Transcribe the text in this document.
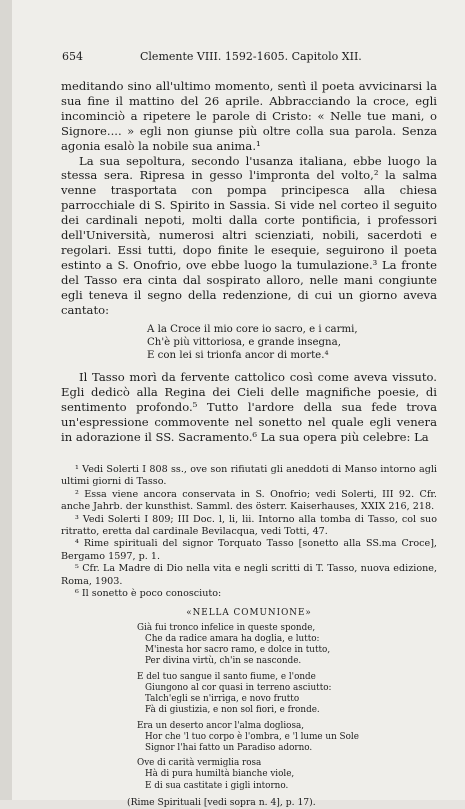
654	Clemente VIII. 1592-1605. Capitolo XII.

meditando sino all'ultimo momento, sentì il poeta avvicinarsi la sua fine il mattino del 26 aprile. Abbracciando la croce, egli incominciò a ripetere le parole di Cristo: « Nelle tue mani, o Signore.... » egli non giunse più oltre colla sua parola. Senza agonia esalò la nobile sua anima.¹

La sua sepoltura, secondo l'usanza italiana, ebbe luogo la stessa sera. Ripresa in gesso l'impronta del volto,² la salma venne trasportata con pompa principesca alla chiesa parrocchiale di S. Spirito in Sassia. Si vide nel corteo il seguito dei cardinali nepoti, molti dalla corte pontificia, i professori dell'Università, numerosi altri scienziati, nobili, sacerdoti e regolari. Essi tutti, dopo finite le esequie, seguirono il poeta estinto a S. Onofrio, ove ebbe luogo la tumulazione.³ La fronte del Tasso era cinta dal sospirato alloro, nelle mani congiunte egli teneva il segno della redenzione, di cui un giorno aveva cantato:

A la Croce il mio core io sacro, e i carmi,
Ch'è più vittoriosa, e grande insegna,
E con lei si trionfa ancor di morte.⁴

Il Tasso morì da fervente cattolico così come aveva vissuto. Egli dedicò alla Regina dei Cieli delle magnifiche poesie, di sentimento profondo.⁵ Tutto l'ardore della sua fede trova un'espressione commovente nel sonetto nel quale egli venera in adorazione il SS. Sacramento.⁶ La sua opera più celebre: La

¹ Vedi Solerti I 808 ss., ove son rifiutati gli aneddoti di Manso intorno agli ultimi giorni di Tasso.

² Essa viene ancora conservata in S. Onofrio; vedi Solerti, III 92. Cfr. anche Jahrb. der kunsthist. Samml. des österr. Kaiserhauses, XXIX 216, 218.

³ Vedi Solerti I 809; III Doc. l, li, lii. Intorno alla tomba di Tasso, col suo ritratto, eretta dal cardinale Bevilacqua, vedi Totti, 47.

⁴ Rime spirituali del signor Torquato Tasso [sonetto alla SS.ma Croce], Bergamo 1597, p. 1.

⁵ Cfr. La Madre di Dio nella vita e negli scritti di T. Tasso, nuova edizione, Roma, 1903.

⁶ Il sonetto è poco conosciuto:

«NELLA COMUNIONE»
Già fui tronco infelice in queste sponde,
Che da radice amara ha doglia, e lutto:
M'inesta hor sacro ramo, e dolce in tutto,
Per divina virtù, ch'in se nasconde.
E del tuo sangue il santo fiume, e l'onde
Giungono al cor quasi in terreno asciutto:
Talch'egli se n'irriga, e novo frutto
Fà di giustizia, e non sol fiori, e fronde.
Era un deserto ancor l'alma dogliosa,
Hor che 'l tuo corpo è l'ombra, e 'l lume un Sole
Signor l'hai fatto un Paradiso adorno.
Ove di carità vermiglia rosa
Hà di pura humiltà bianche viole,
E di sua castitate i gigli intorno.
(Rime Spirituali [vedi sopra n. 4], p. 17).
